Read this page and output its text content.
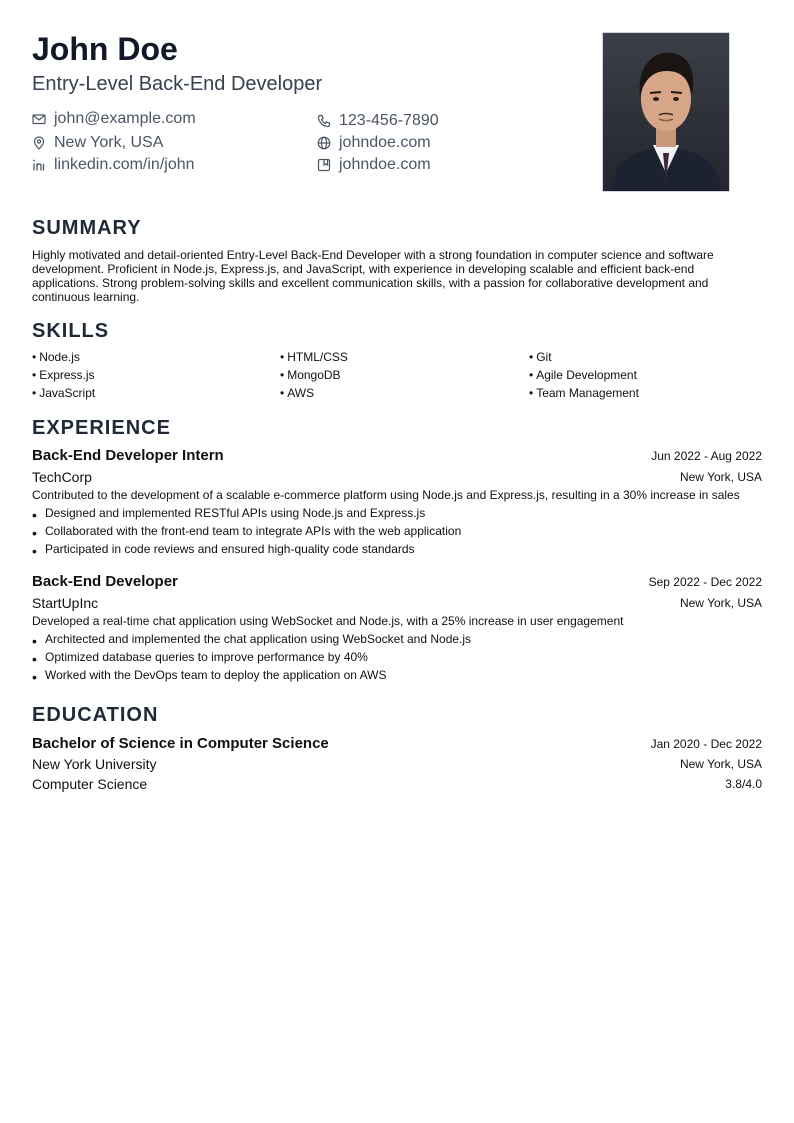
John Doe
Entry-Level Back-End Developer
john@example.com	123-456-7890
New York, USA	johndoe.com
linkedin.com/in/john	johndoe.com
SUMMARY
Highly motivated and detail-oriented Entry-Level Back-End Developer with a strong foundation in computer science and software development. Proficient in Node.js, Express.js, and JavaScript, with experience in developing scalable and efficient back-end applications. Strong problem-solving skills and excellent communication skills, with a passion for collaborative development and continuous learning.
SKILLS
• Node.js	• HTML/CSS	• Git
• Express.js	• MongoDB	• Agile Development
• JavaScript	• AWS	• Team Management
EXPERIENCE
Back-End Developer Intern	Jun 2022 - Aug 2022
TechCorp	New York, USA
Contributed to the development of a scalable e-commerce platform using Node.js and Express.js, resulting in a 30% increase in sales
• Designed and implemented RESTful APIs using Node.js and Express.js
• Collaborated with the front-end team to integrate APIs with the web application
• Participated in code reviews and ensured high-quality code standards
Back-End Developer	Sep 2022 - Dec 2022
StartUpInc	New York, USA
Developed a real-time chat application using WebSocket and Node.js, with a 25% increase in user engagement
• Architected and implemented the chat application using WebSocket and Node.js
• Optimized database queries to improve performance by 40%
• Worked with the DevOps team to deploy the application on AWS
EDUCATION
Bachelor of Science in Computer Science	Jan 2020 - Dec 2022
New York University	New York, USA
Computer Science	3.8/4.0
